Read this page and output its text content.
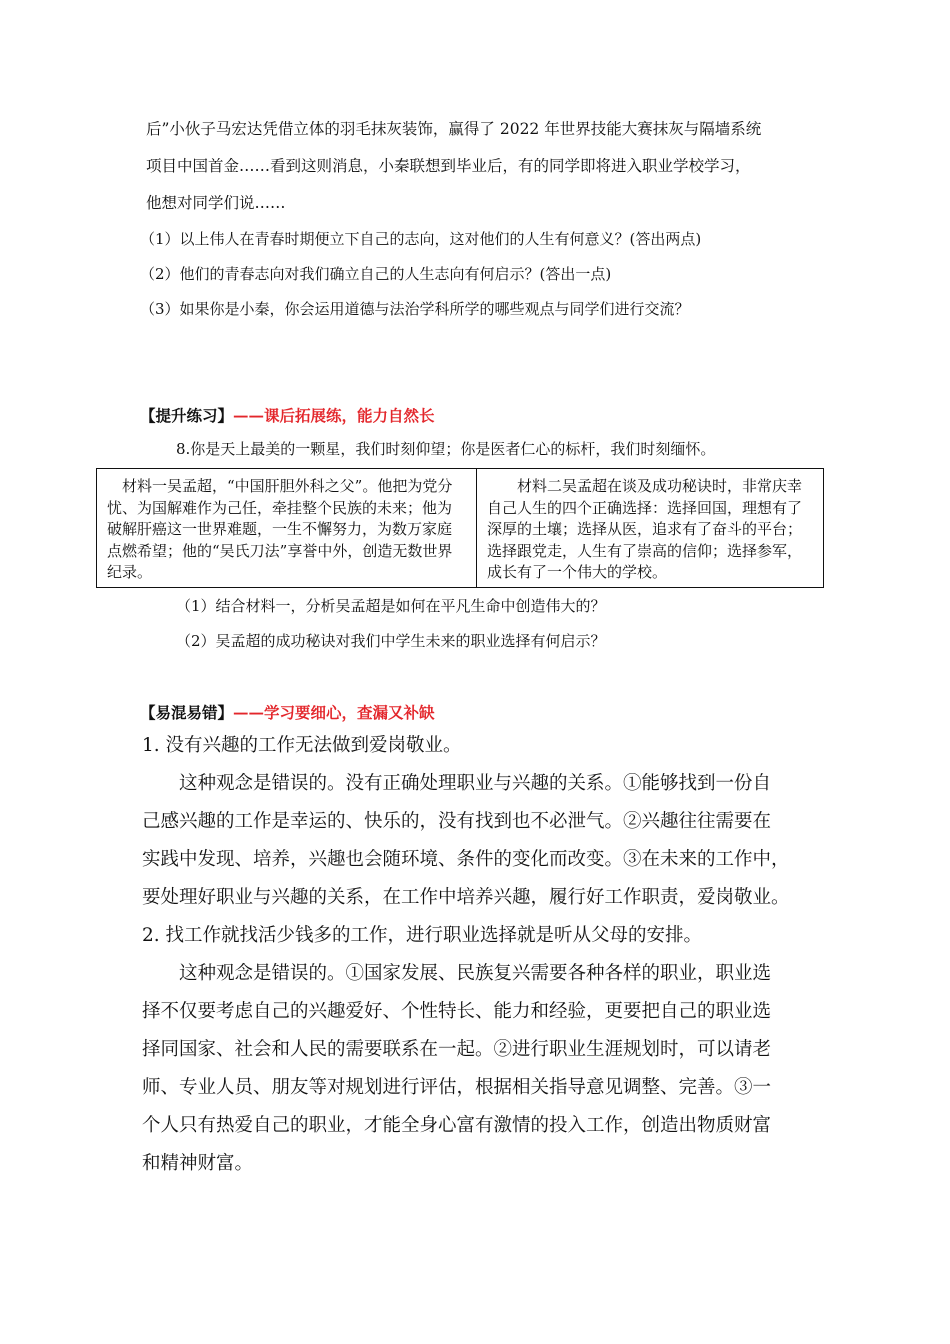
后”小伙子马宏达凭借立体的羽毛抹灰装饰，赢得了 2022 年世界技能大赛抹灰与隔墙系统
项目中国首金……看到这则消息，小秦联想到毕业后，有的同学即将进入职业学校学习，
他想对同学们说……
（1）以上伟人在青春时期便立下自己的志向，这对他们的人生有何意义？(答出两点)
（2）他们的青春志向对我们确立自己的人生志向有何启示？(答出一点)
（3）如果你是小秦，你会运用道德与法治学科所学的哪些观点与同学们进行交流？
【提升练习】——课后拓展练，能力自然长
8.你是天上最美的一颗星，我们时刻仰望；你是医者仁心的标杆，我们时刻缅怀。
　材料一吴孟超，“中国肝胆外科之父”。他把为党分忧、为国解难作为己任，牵挂整个民族的未来；他为破解肝癌这一世界难题，一生不懈努力，为数万家庭点燃希望；他的“吴氏刀法”享誉中外，创造无数世界纪录。
　　材料二吴孟超在谈及成功秘诀时，非常庆幸自己人生的四个正确选择：选择回国，理想有了深厚的土壤；选择从医，追求有了奋斗的平台；选择跟党走，人生有了崇高的信仰；选择参军，成长有了一个伟大的学校。
（1）结合材料一，分析吴孟超是如何在平凡生命中创造伟大的？
（2）吴孟超的成功秘诀对我们中学生未来的职业选择有何启示？
【易混易错】——学习要细心，查漏又补缺
1. 没有兴趣的工作无法做到爱岗敬业。
　　这种观念是错误的。没有正确处理职业与兴趣的关系。①能够找到一份自
己感兴趣的工作是幸运的、快乐的，没有找到也不必泄气。②兴趣往往需要在
实践中发现、培养，兴趣也会随环境、条件的变化而改变。③在未来的工作中，
要处理好职业与兴趣的关系，在工作中培养兴趣，履行好工作职责，爱岗敬业。
2. 找工作就找活少钱多的工作，进行职业选择就是听从父母的安排。
　　这种观念是错误的。①国家发展、民族复兴需要各种各样的职业，职业选
择不仅要考虑自己的兴趣爱好、个性特长、能力和经验，更要把自己的职业选
择同国家、社会和人民的需要联系在一起。②进行职业生涯规划时，可以请老
师、专业人员、朋友等对规划进行评估，根据相关指导意见调整、完善。③一
个人只有热爱自己的职业，才能全身心富有激情的投入工作，创造出物质财富
和精神财富。
